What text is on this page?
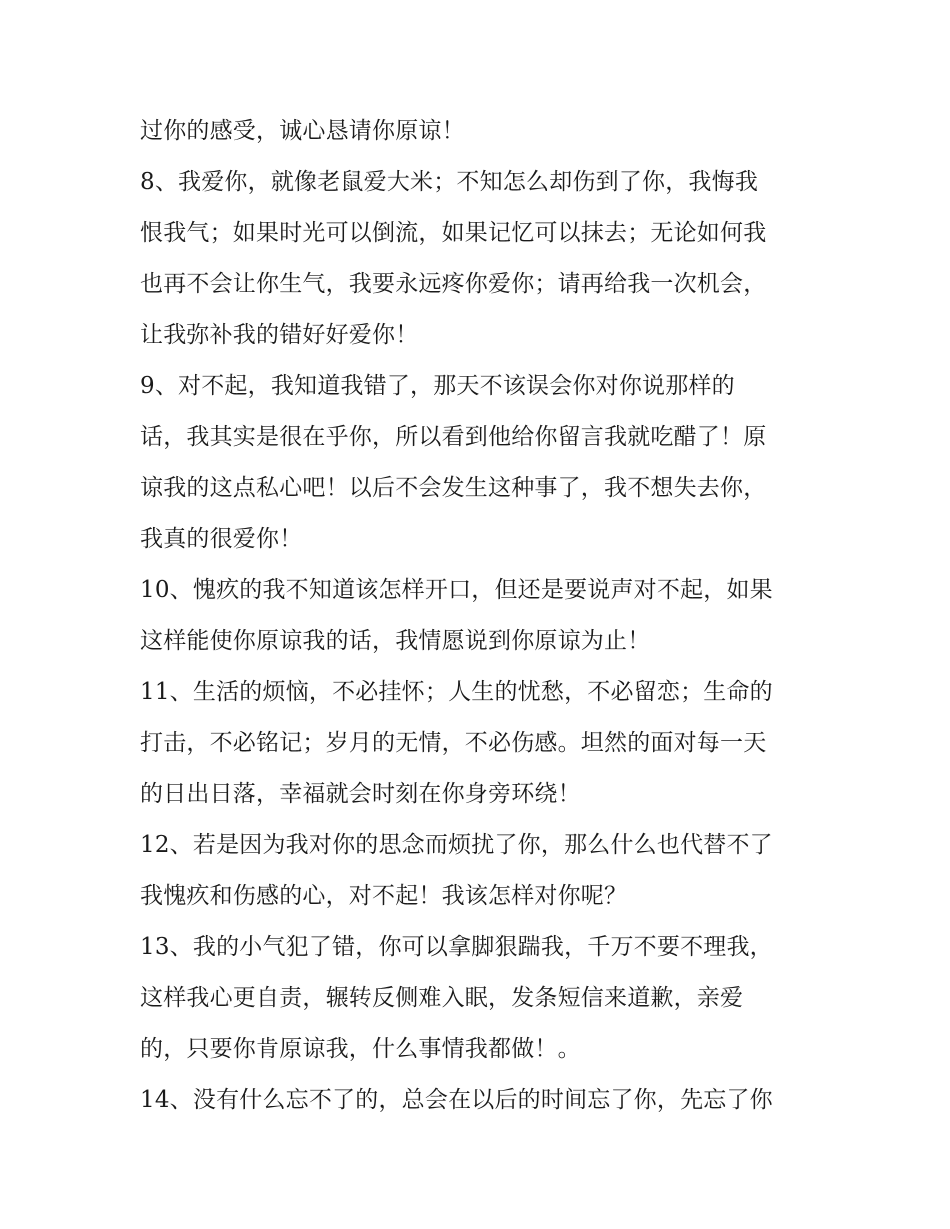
过你的感受，诚心恳请你原谅！
8、我爱你，就像老鼠爱大米；不知怎么却伤到了你，我悔我
恨我气；如果时光可以倒流，如果记忆可以抹去；无论如何我
也再不会让你生气，我要永远疼你爱你；请再给我一次机会，
让我弥补我的错好好爱你！
9、对不起，我知道我错了，那天不该误会你对你说那样的
话，我其实是很在乎你，所以看到他给你留言我就吃醋了！原
谅我的这点私心吧！以后不会发生这种事了，我不想失去你，
我真的很爱你！
10、愧疚的我不知道该怎样开口，但还是要说声对不起，如果
这样能使你原谅我的话，我情愿说到你原谅为止！
11、生活的烦恼，不必挂怀；人生的忧愁，不必留恋；生命的
打击，不必铭记；岁月的无情，不必伤感。坦然的面对每一天
的日出日落，幸福就会时刻在你身旁环绕！
12、若是因为我对你的思念而烦扰了你，那么什么也代替不了
我愧疚和伤感的心，对不起！我该怎样对你呢？
13、我的小气犯了错，你可以拿脚狠踹我，千万不要不理我，
这样我心更自责，辗转反侧难入眠，发条短信来道歉，亲爱
的，只要你肯原谅我，什么事情我都做！。
14、没有什么忘不了的，总会在以后的时间忘了你，先忘了你
